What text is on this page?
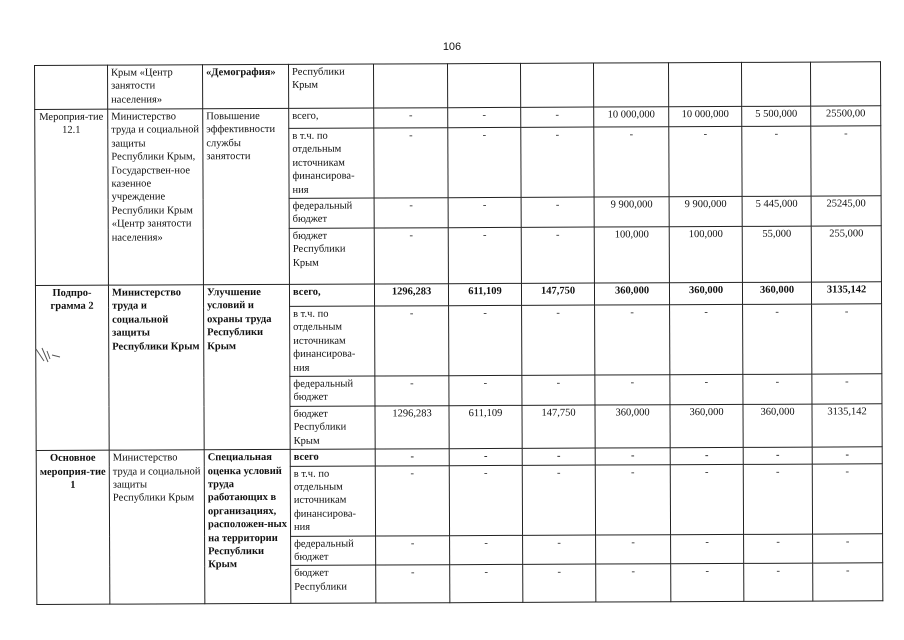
106
	Крым «Центр занятости населения»	«Демография»	Республики Крым							
Мероприя-тие 12.1	Министерство труда и социальной защиты Республики Крым, Государствен-ное казенное учреждение Республики Крым «Центр занятости населения»	Повышение эффективности службы занятости	всего,	-	-	-	10 000,000	10 000,000	5 500,000	25500,00
			в т.ч. по отдельным источникам финансирова-ния	-	-	-	-	-	-	-
			федеральный бюджет	-	-	-	9 900,000	9 900,000	5 445,000	25245,00
			бюджет Республики Крым	-	-	-	100,000	100,000	55,000	255,000
Подпро-грамма 2	Министерство труда и социальной защиты Республики Крым	Улучшение условий и охраны труда Республики Крым	всего,	1296,283	611,109	147,750	360,000	360,000	360,000	3135,142
			в т.ч. по отдельным источникам финансирова-ния	-	-	-	-	-	-	-
			федеральный бюджет	-	-	-	-	-	-	-
			бюджет Республики Крым	1296,283	611,109	147,750	360,000	360,000	360,000	3135,142
Основное мероприя-тие 1	Министерство труда и социальной защиты Республики Крым	Специальная оценка условий труда работающих в организациях, расположен-ных на территории Республики Крым	всего	-	-	-	-	-	-	-
			в т.ч. по отдельным источникам финансирова-ния	-	-	-	-	-	-	-
			федеральный бюджет	-	-	-	-	-	-	-
			бюджет Республики	-	-	-	-	-	-	-
